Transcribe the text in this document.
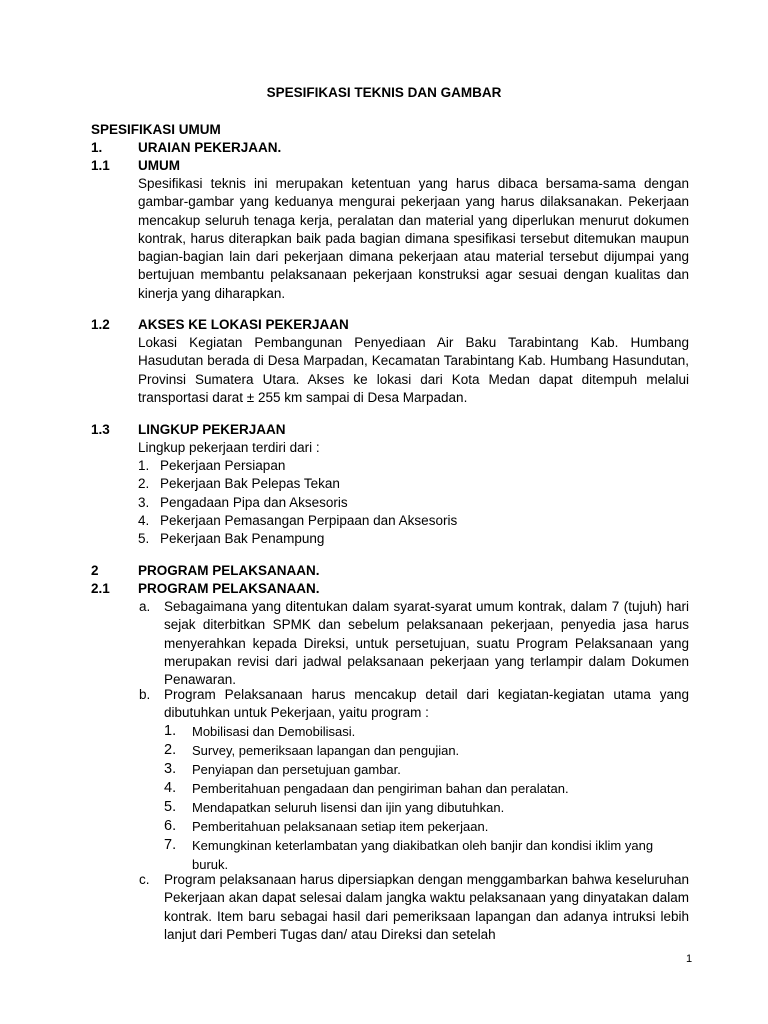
SPESIFIKASI TEKNIS DAN GAMBAR
SPESIFIKASI UMUM
1.	URAIAN PEKERJAAN.
1.1 UMUM
Spesifikasi teknis ini merupakan ketentuan yang harus dibaca bersama-sama dengan gambar-gambar yang keduanya mengurai pekerjaan yang harus dilaksanakan. Pekerjaan mencakup seluruh tenaga kerja, peralatan dan material yang diperlukan menurut dokumen kontrak, harus diterapkan baik pada bagian dimana spesifikasi tersebut ditemukan maupun bagian-bagian lain dari pekerjaan dimana pekerjaan atau material tersebut dijumpai yang bertujuan membantu pelaksanaan pekerjaan konstruksi agar sesuai dengan kualitas dan kinerja yang diharapkan.
1.2 AKSES KE LOKASI PEKERJAAN
Lokasi Kegiatan Pembangunan Penyediaan Air Baku Tarabintang Kab. Humbang Hasudutan berada di Desa Marpadan, Kecamatan Tarabintang Kab. Humbang Hasundutan, Provinsi Sumatera Utara. Akses ke lokasi dari Kota Medan dapat ditempuh melalui transportasi darat ± 255 km sampai di Desa Marpadan.
1.3 LINGKUP PEKERJAAN
Lingkup pekerjaan terdiri dari :
1. Pekerjaan Persiapan
2. Pekerjaan Bak Pelepas Tekan
3. Pengadaan Pipa dan Aksesoris
4. Pekerjaan Pemasangan Perpipaan dan Aksesoris
5. Pekerjaan Bak Penampung
2	PROGRAM PELAKSANAAN.
2.1 PROGRAM PELAKSANAAN.
a. Sebagaimana yang ditentukan dalam syarat-syarat umum kontrak, dalam 7 (tujuh) hari sejak diterbitkan SPMK dan sebelum pelaksanaan pekerjaan, penyedia jasa harus menyerahkan kepada Direksi, untuk persetujuan, suatu Program Pelaksanaan yang merupakan revisi dari jadwal pelaksanaan pekerjaan yang terlampir dalam Dokumen Penawaran.
b. Program Pelaksanaan harus mencakup detail dari kegiatan-kegiatan utama yang dibutuhkan untuk Pekerjaan, yaitu program :
1. Mobilisasi dan Demobilisasi.
2. Survey, pemeriksaan lapangan dan pengujian.
3. Penyiapan dan persetujuan gambar.
4. Pemberitahuan pengadaan dan pengiriman bahan dan peralatan.
5. Mendapatkan seluruh lisensi dan ijin yang dibutuhkan.
6. Pemberitahuan pelaksanaan setiap item pekerjaan.
7. Kemungkinan keterlambatan yang diakibatkan oleh banjir dan kondisi iklim yang buruk.
c. Program pelaksanaan harus dipersiapkan dengan menggambarkan bahwa keseluruhan Pekerjaan akan dapat selesai dalam jangka waktu pelaksanaan yang dinyatakan dalam kontrak. Item baru sebagai hasil dari pemeriksaan lapangan dan adanya intruksi lebih lanjut dari Pemberi Tugas dan/ atau Direksi dan setelah
1
